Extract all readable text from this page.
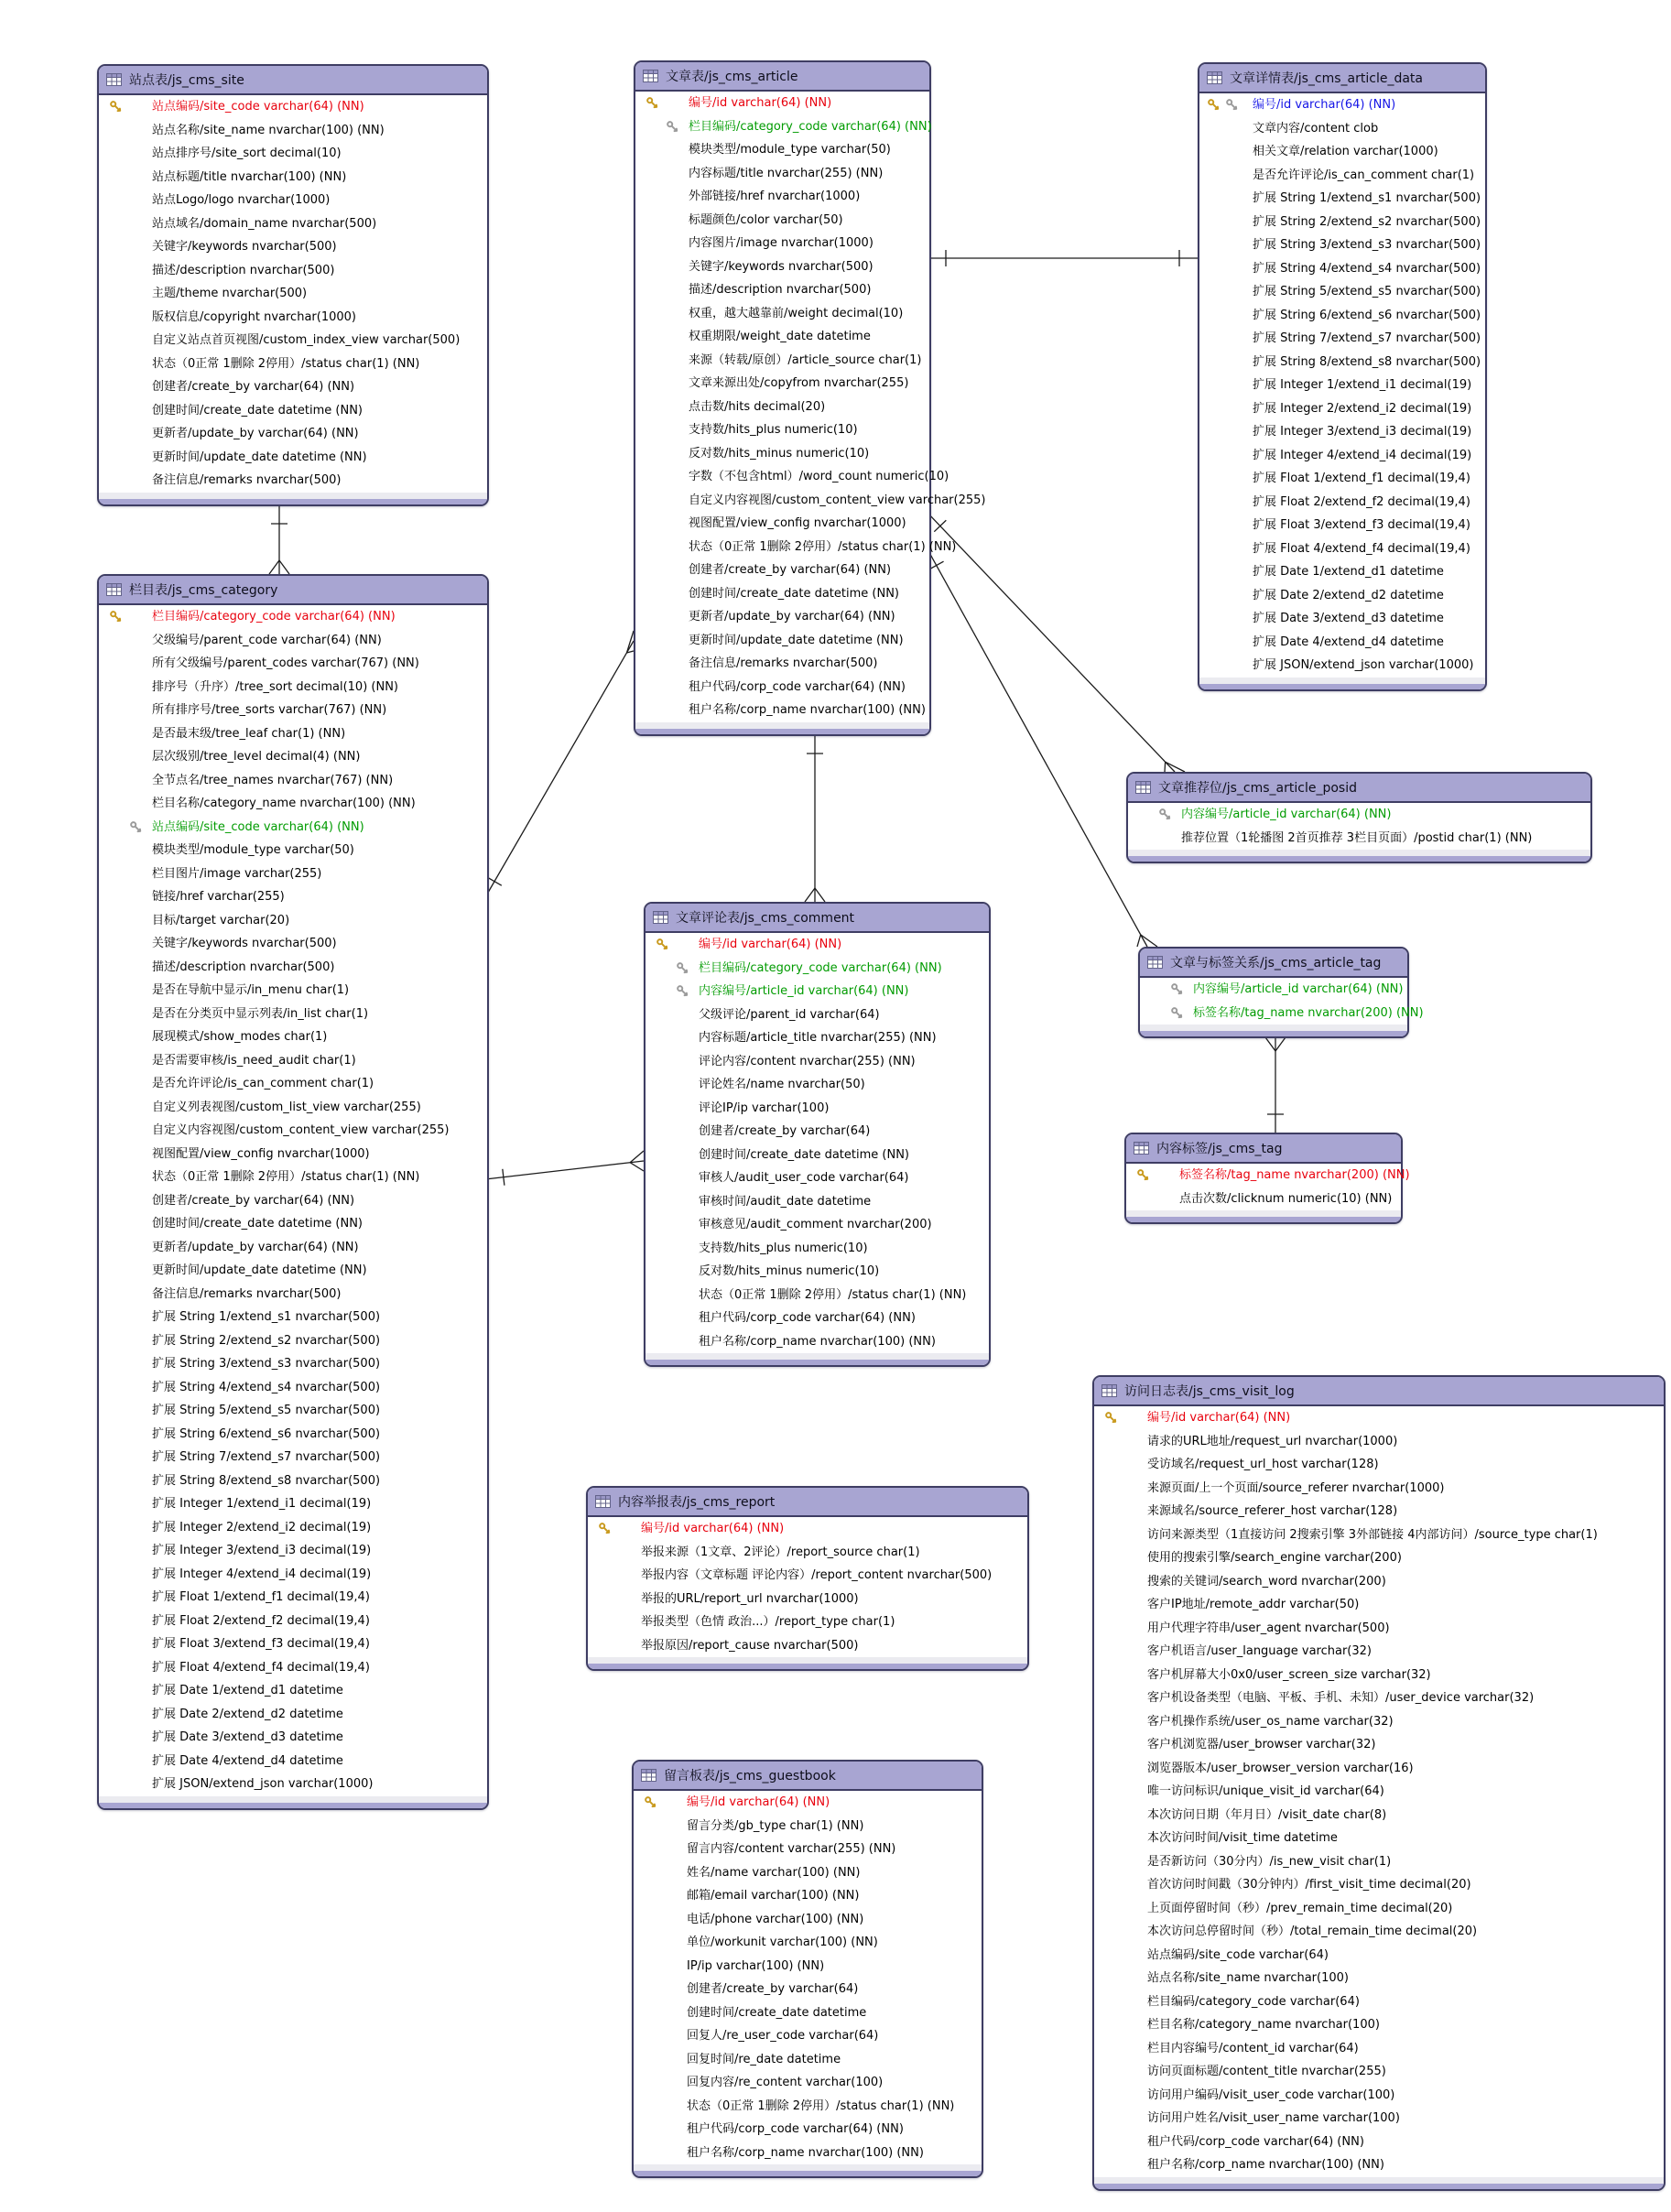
站点表/js_cms_site
站点编码/site_code varchar(64) (NN)
站点名称/site_name nvarchar(100) (NN)
站点排序号/site_sort decimal(10)
站点标题/title nvarchar(100) (NN)
站点Logo/logo nvarchar(1000)
站点域名/domain_name nvarchar(500)
关键字/keywords nvarchar(500)
描述/description nvarchar(500)
主题/theme nvarchar(500)
版权信息/copyright nvarchar(1000)
自定义站点首页视图/custom_index_view varchar(500)
状态（0正常 1删除 2停用）/status char(1) (NN)
创建者/create_by varchar(64) (NN)
创建时间/create_date datetime (NN)
更新者/update_by varchar(64) (NN)
更新时间/update_date datetime (NN)
备注信息/remarks nvarchar(500)
文章表/js_cms_article
编号/id varchar(64) (NN)
栏目编码/category_code varchar(64) (NN)
模块类型/module_type varchar(50)
内容标题/title nvarchar(255) (NN)
外部链接/href nvarchar(1000)
标题颜色/color varchar(50)
内容图片/image nvarchar(1000)
关键字/keywords nvarchar(500)
描述/description nvarchar(500)
权重，越大越靠前/weight decimal(10)
权重期限/weight_date datetime
来源（转载/原创）/article_source char(1)
文章来源出处/copyfrom nvarchar(255)
点击数/hits decimal(20)
支持数/hits_plus numeric(10)
反对数/hits_minus numeric(10)
字数（不包含html）/word_count numeric(10)
自定义内容视图/custom_content_view varchar(255)
视图配置/view_config nvarchar(1000)
状态（0正常 1删除 2停用）/status char(1) (NN)
创建者/create_by varchar(64) (NN)
创建时间/create_date datetime (NN)
更新者/update_by varchar(64) (NN)
更新时间/update_date datetime (NN)
备注信息/remarks nvarchar(500)
租户代码/corp_code varchar(64) (NN)
租户名称/corp_name nvarchar(100) (NN)
文章详情表/js_cms_article_data
编号/id varchar(64) (NN)
文章内容/content clob
相关文章/relation varchar(1000)
是否允许评论/is_can_comment char(1)
扩展 String 1/extend_s1 nvarchar(500)
扩展 String 2/extend_s2 nvarchar(500)
扩展 String 3/extend_s3 nvarchar(500)
扩展 String 4/extend_s4 nvarchar(500)
扩展 String 5/extend_s5 nvarchar(500)
扩展 String 6/extend_s6 nvarchar(500)
扩展 String 7/extend_s7 nvarchar(500)
扩展 String 8/extend_s8 nvarchar(500)
扩展 Integer 1/extend_i1 decimal(19)
扩展 Integer 2/extend_i2 decimal(19)
扩展 Integer 3/extend_i3 decimal(19)
扩展 Integer 4/extend_i4 decimal(19)
扩展 Float 1/extend_f1 decimal(19,4)
扩展 Float 2/extend_f2 decimal(19,4)
扩展 Float 3/extend_f3 decimal(19,4)
扩展 Float 4/extend_f4 decimal(19,4)
扩展 Date 1/extend_d1 datetime
扩展 Date 2/extend_d2 datetime
扩展 Date 3/extend_d3 datetime
扩展 Date 4/extend_d4 datetime
扩展 JSON/extend_json varchar(1000)
栏目表/js_cms_category
栏目编码/category_code varchar(64) (NN)
父级编号/parent_code varchar(64) (NN)
所有父级编号/parent_codes varchar(767) (NN)
排序号（升序）/tree_sort decimal(10) (NN)
所有排序号/tree_sorts varchar(767) (NN)
是否最末级/tree_leaf char(1) (NN)
层次级别/tree_level decimal(4) (NN)
全节点名/tree_names nvarchar(767) (NN)
栏目名称/category_name nvarchar(100) (NN)
站点编码/site_code varchar(64) (NN)
模块类型/module_type varchar(50)
栏目图片/image varchar(255)
链接/href varchar(255)
目标/target varchar(20)
关键字/keywords nvarchar(500)
描述/description nvarchar(500)
是否在导航中显示/in_menu char(1)
是否在分类页中显示列表/in_list char(1)
展现模式/show_modes char(1)
是否需要审核/is_need_audit char(1)
是否允许评论/is_can_comment char(1)
自定义列表视图/custom_list_view varchar(255)
自定义内容视图/custom_content_view varchar(255)
视图配置/view_config nvarchar(1000)
状态（0正常 1删除 2停用）/status char(1) (NN)
创建者/create_by varchar(64) (NN)
创建时间/create_date datetime (NN)
更新者/update_by varchar(64) (NN)
更新时间/update_date datetime (NN)
备注信息/remarks nvarchar(500)
扩展 String 1/extend_s1 nvarchar(500)
扩展 String 2/extend_s2 nvarchar(500)
扩展 String 3/extend_s3 nvarchar(500)
扩展 String 4/extend_s4 nvarchar(500)
扩展 String 5/extend_s5 nvarchar(500)
扩展 String 6/extend_s6 nvarchar(500)
扩展 String 7/extend_s7 nvarchar(500)
扩展 String 8/extend_s8 nvarchar(500)
扩展 Integer 1/extend_i1 decimal(19)
扩展 Integer 2/extend_i2 decimal(19)
扩展 Integer 3/extend_i3 decimal(19)
扩展 Integer 4/extend_i4 decimal(19)
扩展 Float 1/extend_f1 decimal(19,4)
扩展 Float 2/extend_f2 decimal(19,4)
扩展 Float 3/extend_f3 decimal(19,4)
扩展 Float 4/extend_f4 decimal(19,4)
扩展 Date 1/extend_d1 datetime
扩展 Date 2/extend_d2 datetime
扩展 Date 3/extend_d3 datetime
扩展 Date 4/extend_d4 datetime
扩展 JSON/extend_json varchar(1000)
文章评论表/js_cms_comment
编号/id varchar(64) (NN)
栏目编码/category_code varchar(64) (NN)
内容编号/article_id varchar(64) (NN)
父级评论/parent_id varchar(64)
内容标题/article_title nvarchar(255) (NN)
评论内容/content nvarchar(255) (NN)
评论姓名/name nvarchar(50)
评论IP/ip varchar(100)
创建者/create_by varchar(64)
创建时间/create_date datetime (NN)
审核人/audit_user_code varchar(64)
审核时间/audit_date datetime
审核意见/audit_comment nvarchar(200)
支持数/hits_plus numeric(10)
反对数/hits_minus numeric(10)
状态（0正常 1删除 2停用）/status char(1) (NN)
租户代码/corp_code varchar(64) (NN)
租户名称/corp_name nvarchar(100) (NN)
文章推荐位/js_cms_article_posid
内容编号/article_id varchar(64) (NN)
推荐位置（1轮播图 2首页推荐 3栏目页面）/postid char(1) (NN)
文章与标签关系/js_cms_article_tag
内容编号/article_id varchar(64) (NN)
标签名称/tag_name nvarchar(200) (NN)
内容标签/js_cms_tag
标签名称/tag_name nvarchar(200) (NN)
点击次数/clicknum numeric(10) (NN)
内容举报表/js_cms_report
编号/id varchar(64) (NN)
举报来源（1文章、2评论）/report_source char(1)
举报内容（文章标题 评论内容）/report_content nvarchar(500)
举报的URL/report_url nvarchar(1000)
举报类型（色情 政治...）/report_type char(1)
举报原因/report_cause nvarchar(500)
留言板表/js_cms_guestbook
编号/id varchar(64) (NN)
留言分类/gb_type char(1) (NN)
留言内容/content varchar(255) (NN)
姓名/name varchar(100) (NN)
邮箱/email varchar(100) (NN)
电话/phone varchar(100) (NN)
单位/workunit varchar(100) (NN)
IP/ip varchar(100) (NN)
创建者/create_by varchar(64)
创建时间/create_date datetime
回复人/re_user_code varchar(64)
回复时间/re_date datetime
回复内容/re_content varchar(100)
状态（0正常 1删除 2停用）/status char(1) (NN)
租户代码/corp_code varchar(64) (NN)
租户名称/corp_name nvarchar(100) (NN)
访问日志表/js_cms_visit_log
编号/id varchar(64) (NN)
请求的URL地址/request_url nvarchar(1000)
受访域名/request_url_host varchar(128)
来源页面/上一个页面/source_referer nvarchar(1000)
来源域名/source_referer_host varchar(128)
访问来源类型（1直接访问 2搜索引擎 3外部链接 4内部访问）/source_type char(1)
使用的搜索引擎/search_engine varchar(200)
搜索的关键词/search_word nvarchar(200)
客户IP地址/remote_addr varchar(50)
用户代理字符串/user_agent nvarchar(500)
客户机语言/user_language varchar(32)
客户机屏幕大小0x0/user_screen_size varchar(32)
客户机设备类型（电脑、平板、手机、未知）/user_device varchar(32)
客户机操作系统/user_os_name varchar(32)
客户机浏览器/user_browser varchar(32)
浏览器版本/user_browser_version varchar(16)
唯一访问标识/unique_visit_id varchar(64)
本次访问日期（年月日）/visit_date char(8)
本次访问时间/visit_time datetime
是否新访问（30分内）/is_new_visit char(1)
首次访问时间戳（30分钟内）/first_visit_time decimal(20)
上页面停留时间（秒）/prev_remain_time decimal(20)
本次访问总停留时间（秒）/total_remain_time decimal(20)
站点编码/site_code varchar(64)
站点名称/site_name nvarchar(100)
栏目编码/category_code varchar(64)
栏目名称/category_name nvarchar(100)
栏目内容编号/content_id varchar(64)
访问页面标题/content_title nvarchar(255)
访问用户编码/visit_user_code varchar(100)
访问用户姓名/visit_user_name varchar(100)
租户代码/corp_code varchar(64) (NN)
租户名称/corp_name nvarchar(100) (NN)
